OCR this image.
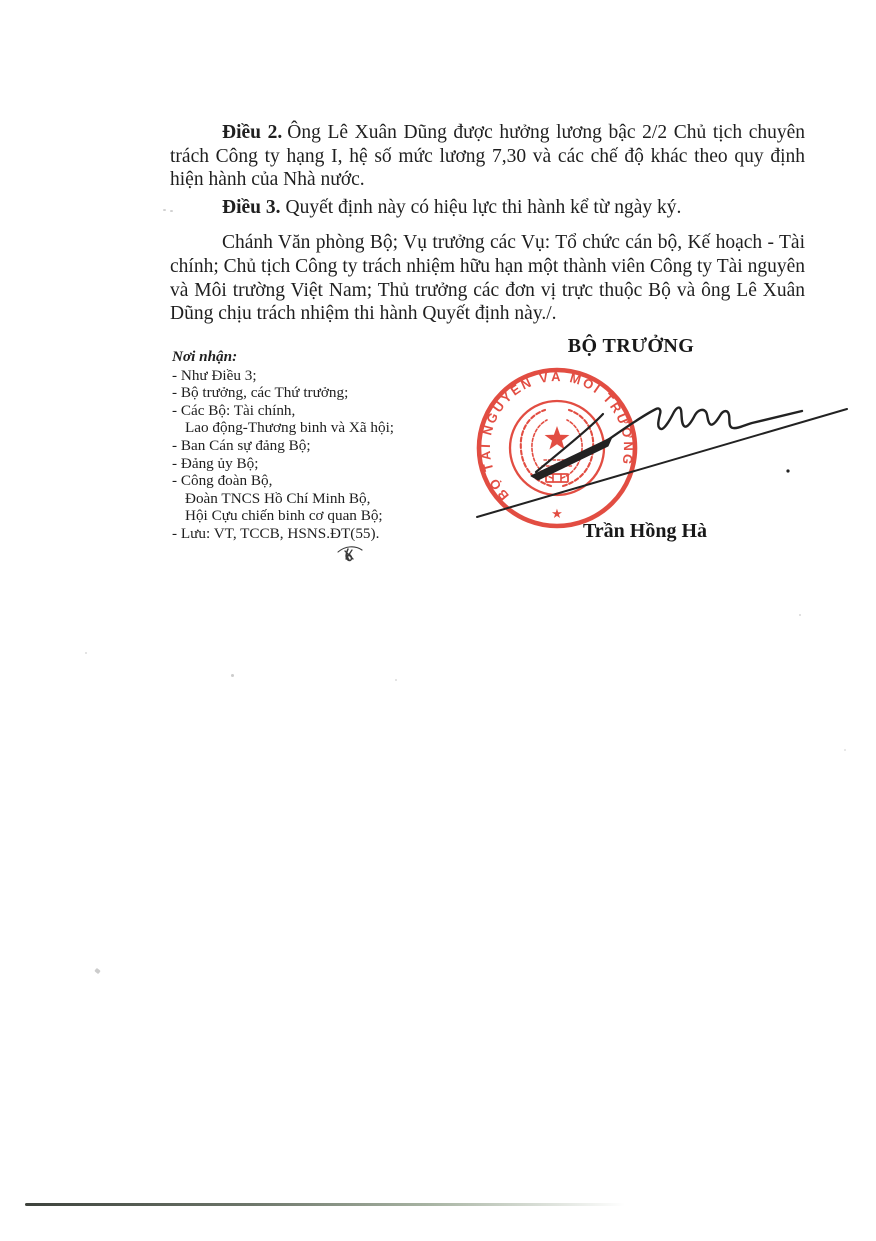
Điều 2. Ông Lê Xuân Dũng được hưởng lương bậc 2/2 Chủ tịch chuyên trách Công ty hạng I, hệ số mức lương 7,30 và các chế độ khác theo quy định hiện hành của Nhà nước.

Điều 3. Quyết định này có hiệu lực thi hành kể từ ngày ký.

Chánh Văn phòng Bộ; Vụ trưởng các Vụ: Tổ chức cán bộ, Kế hoạch - Tài chính; Chủ tịch Công ty trách nhiệm hữu hạn một thành viên Công ty Tài nguyên và Môi trường Việt Nam; Thủ trưởng các đơn vị trực thuộc Bộ và ông Lê Xuân Dũng chịu trách nhiệm thi hành Quyết định này./.

Nơi nhận:
- Như Điều 3;
- Bộ trưởng, các Thứ trưởng;
- Các Bộ: Tài chính,
Lao động-Thương binh và Xã hội;
- Ban Cán sự đảng Bộ;
- Đảng ủy Bộ;
- Công đoàn Bộ,
Đoàn TNCS Hồ Chí Minh Bộ,
Hội Cựu chiến binh cơ quan Bộ;
- Lưu: VT, TCCB, HSNS.ĐT(55).
BỘ TRƯỞNG
Trần Hồng Hà
BỘ TÀI NGUYÊN VÀ MÔI TRƯỜNG
★
